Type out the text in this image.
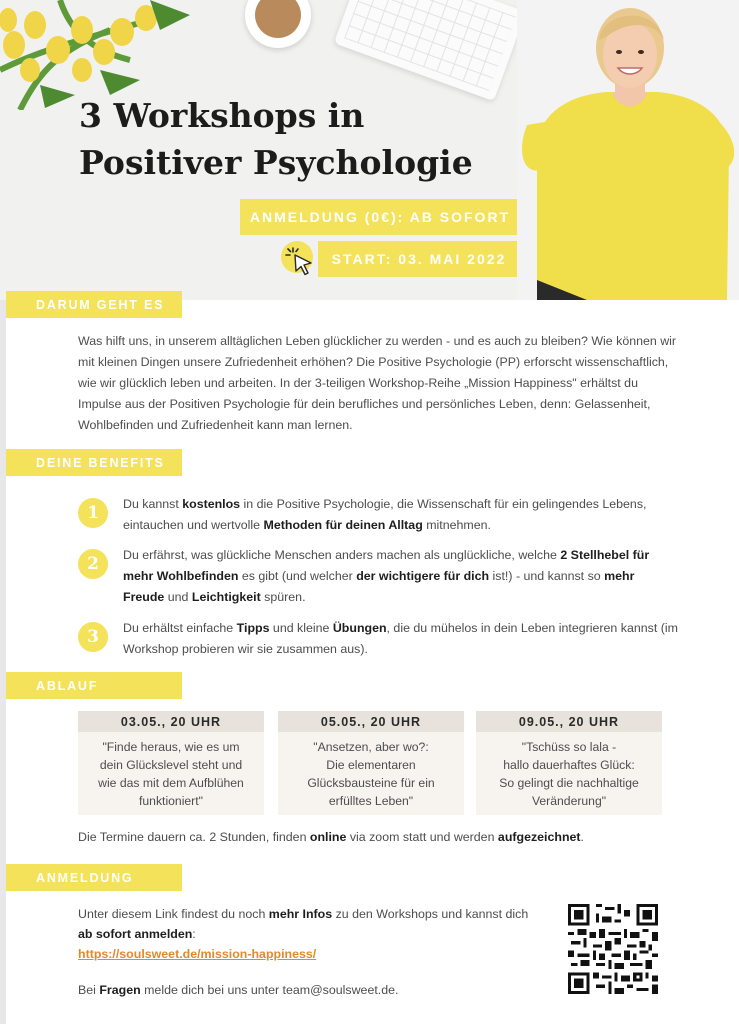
3 Workshops in
Positiver Psychologie
ANMELDUNG (0€): AB SOFORT
START: 03. MAI 2022
DARUM GEHT ES
Was hilft uns, in unserem alltäglichen Leben glücklicher zu werden - und es auch zu bleiben? Wie können wir mit kleinen Dingen unsere Zufriedenheit erhöhen? Die Positive Psychologie (PP) erforscht wissenschaftlich, wie wir glücklich leben und arbeiten. In der 3-teiligen Workshop-Reihe „Mission Happiness" erhältst du Impulse aus der Positiven Psychologie für dein berufliches und persönliches Leben, denn: Gelassenheit, Wohlbefinden und Zufriedenheit kann man lernen.
DEINE BENEFITS
1	Du kannst kostenlos in die Positive Psychologie, die Wissenschaft für ein gelingendes Lebens, eintauchen und wertvolle Methoden für deinen Alltag mitnehmen.
2	Du erfährst, was glückliche Menschen anders machen als unglückliche, welche 2 Stellhebel für mehr Wohlbefinden es gibt (und welcher der wichtigere für dich ist!) - und kannst so mehr Freude und Leichtigkeit spüren.
3	Du erhältst einfache Tipps und kleine Übungen, die du mühelos in dein Leben integrieren kannst (im Workshop probieren wir sie zusammen aus).
ABLAUF
03.05., 20 UHR
"Finde heraus, wie es um
dein Glückslevel steht und
wie das mit dem Aufblühen
funktioniert"
05.05., 20 UHR
"Ansetzen, aber wo?:
Die elementaren
Glücksbausteine für ein
erfülltes Leben"
09.05., 20 UHR
"Tschüss so lala -
hallo dauerhaftes Glück:
So gelingt die nachhaltige
Veränderung"
Die Termine dauern ca. 2 Stunden, finden online via zoom statt und werden aufgezeichnet.
ANMELDUNG
Unter diesem Link findest du noch mehr Infos zu den Workshops und kannst dich ab sofort anmelden:
https://soulsweet.de/mission-happiness/
Bei Fragen melde dich bei uns unter team@soulsweet.de.
